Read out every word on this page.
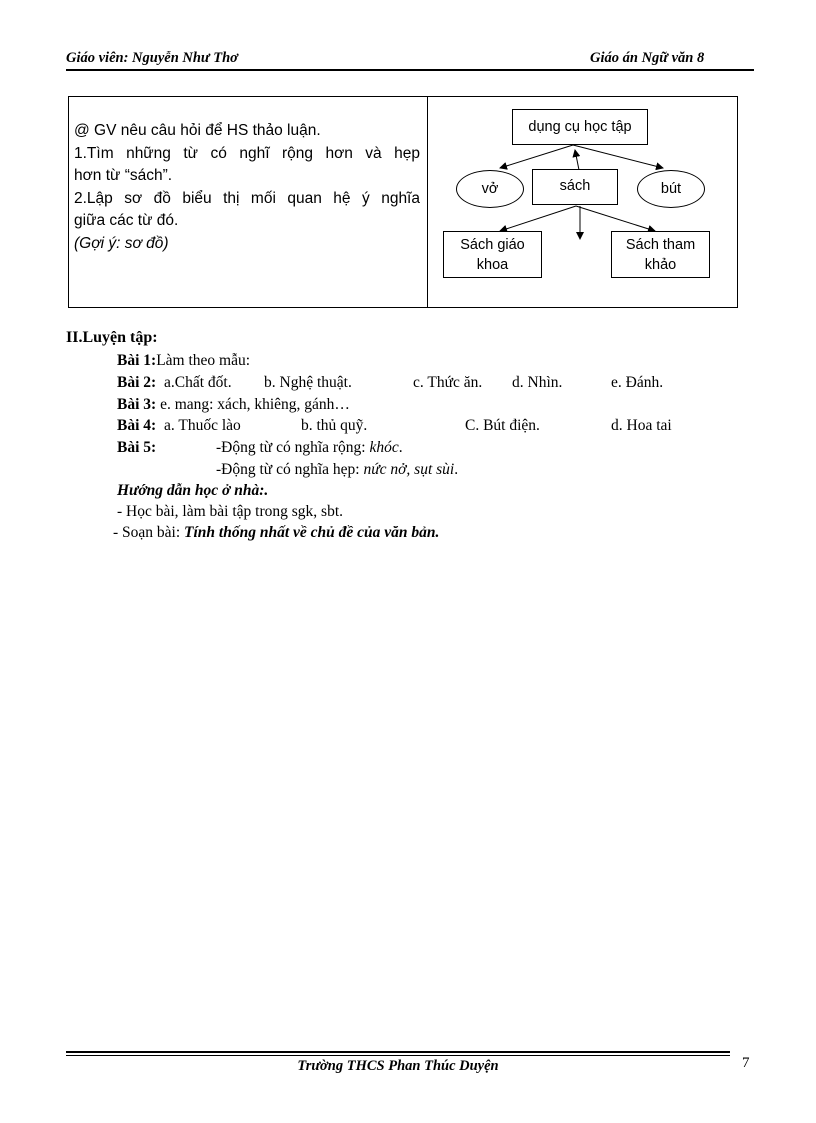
Giáo viên: Nguyễn Như Thơ	Giáo án Ngữ văn 8
@ GV nêu câu hỏi để HS thảo luận.
1.Tìm những từ có nghĩ rộng hơn và hẹp
hơn từ “sách”.
2.Lập sơ đồ biểu thị mối quan hệ ý nghĩa
giữa các từ đó.
(Gợi ý: sơ đồ)
dụng cụ học tập
vở	sách	bút
Sách giáo khoa
Sách tham khảo
II.Luyện tập:
Bài 1:Làm theo mẫu:
Bài 2: a.Chất đốt. b. Nghệ thuật.	c. Thức ăn. d. Nhìn.	e. Đánh.
Bài 3: e. mang: xách, khiêng, gánh…
Bài 4: a. Thuốc lào	b. thủ quỹ.	C. Bút điện.	d. Hoa tai
Bài 5:	-Động từ có nghĩa rộng: khóc.
-Động từ có nghĩa hẹp: nức nở, sụt sùi.
Hướng dẫn học ở nhà:.
- Học bài, làm bài tập trong sgk, sbt.
- Soạn bài: Tính thống nhất về chủ đề của văn bản.
Trường THCS Phan Thúc Duyện	7
